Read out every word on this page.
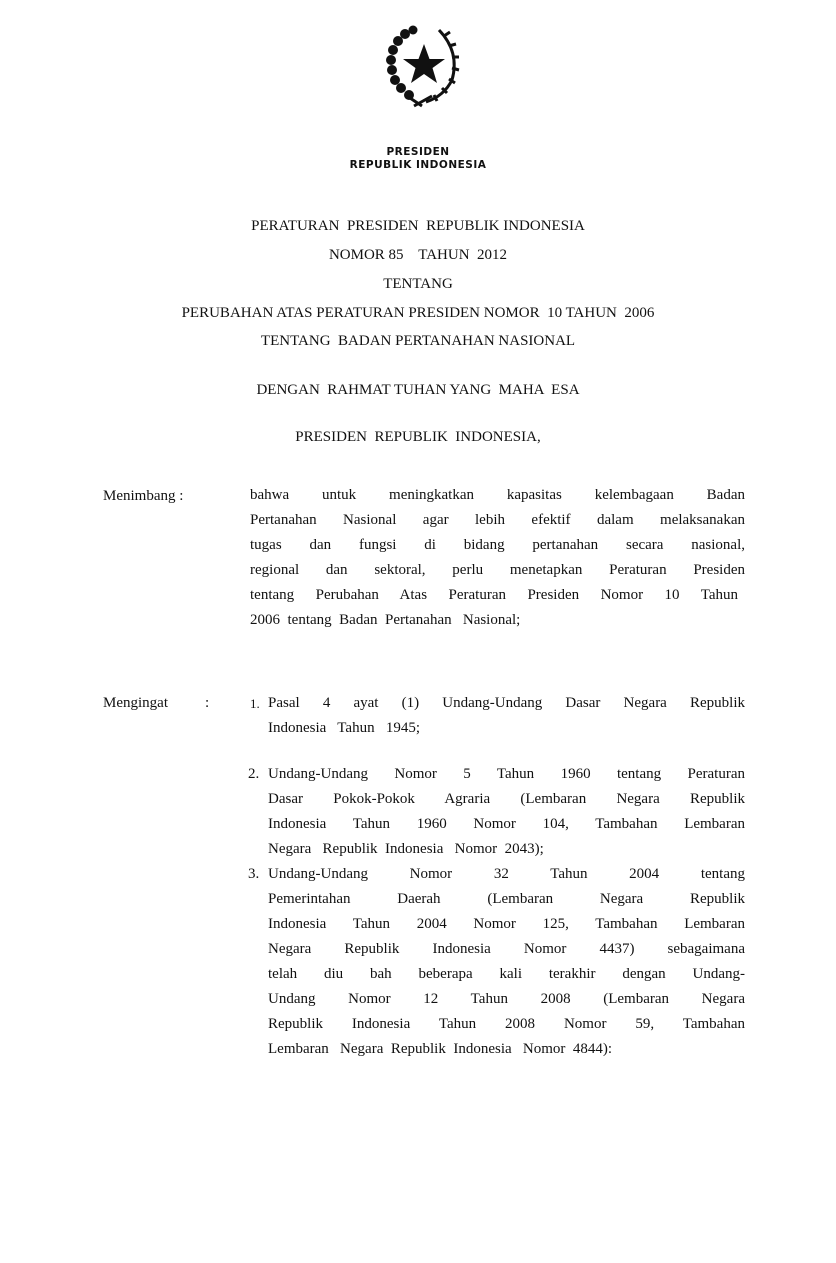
PRESIDEN
REPUBLIK INDONESIA
PERATURAN  PRESIDEN  REPUBLIK INDONESIA
NOMOR 85    TAHUN  2012
TENTANG
PERUBAHAN ATAS PERATURAN PRESIDEN NOMOR  10 TAHUN  2006
TENTANG  BADAN PERTANAHAN NASIONAL
DENGAN  RAHMAT TUHAN YANG  MAHA  ESA
PRESIDEN  REPUBLIK  INDONESIA,
Menimbang :	bahwa untuk meningkatkan kapasitas kelembagaan Badan
Pertanahan Nasional agar lebih efektif dalam melaksanakan
tugas dan fungsi di bidang pertanahan secara nasional,
regional dan sektoral, perlu menetapkan Peraturan Presiden
tentang Perubahan Atas Peraturan Presiden Nomor 10 Tahun
2006  tentang  Badan  Pertanahan   Nasional;
Mengingat :	1. Pasal 4 ayat (1) Undang-Undang Dasar Negara Republik
Indonesia   Tahun   1945;
2. Undang-Undang Nomor 5 Tahun 1960 tentang Peraturan
Dasar Pokok-Pokok Agraria (Lembaran Negara Republik
Indonesia Tahun 1960 Nomor 104, Tambahan Lembaran
Negara   Republik  Indonesia   Nomor  2043);
3. Undang-Undang Nomor 32 Tahun 2004 tentang
Pemerintahan Daerah (Lembaran Negara Republik
Indonesia Tahun 2004 Nomor 125, Tambahan Lembaran
Negara Republik Indonesia Nomor 4437) sebagaimana
telah diu bah beberapa kali terakhir dengan Undang-
Undang Nomor 12 Tahun 2008 (Lembaran Negara
Republik Indonesia Tahun 2008 Nomor 59, Tambahan
Lembaran   Negara  Republik  Indonesia   Nomor  4844):
